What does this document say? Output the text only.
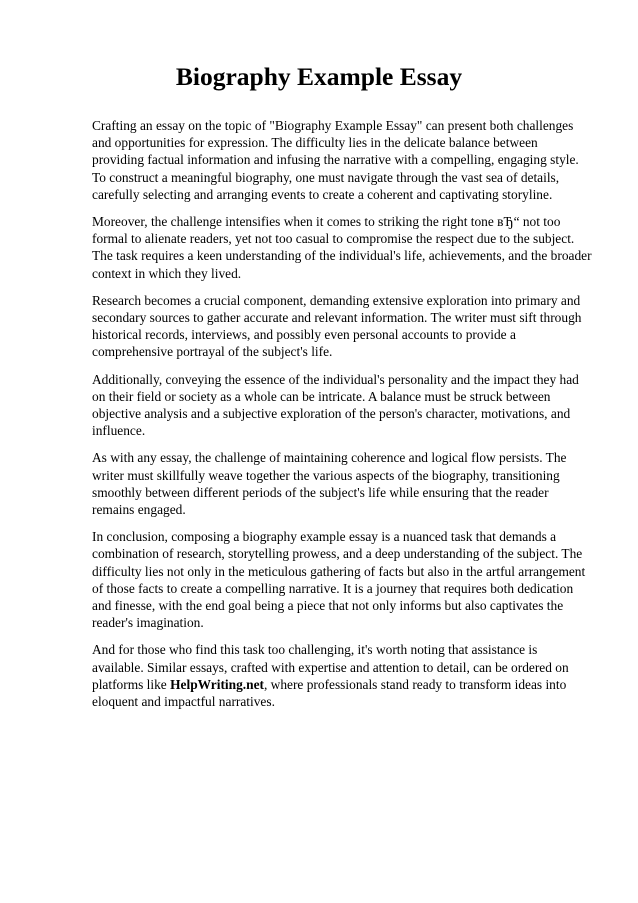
Biography Example Essay

Crafting an essay on the topic of "Biography Example Essay" can present both challenges and opportunities for expression. The difficulty lies in the delicate balance between providing factual information and infusing the narrative with a compelling, engaging style. To construct a meaningful biography, one must navigate through the vast sea of details, carefully selecting and arranging events to create a coherent and captivating storyline.

Moreover, the challenge intensifies when it comes to striking the right tone вЂ“ not too formal to alienate readers, yet not too casual to compromise the respect due to the subject. The task requires a keen understanding of the individual's life, achievements, and the broader context in which they lived.

Research becomes a crucial component, demanding extensive exploration into primary and secondary sources to gather accurate and relevant information. The writer must sift through historical records, interviews, and possibly even personal accounts to provide a comprehensive portrayal of the subject's life.

Additionally, conveying the essence of the individual's personality and the impact they had on their field or society as a whole can be intricate. A balance must be struck between objective analysis and a subjective exploration of the person's character, motivations, and influence.

As with any essay, the challenge of maintaining coherence and logical flow persists. The writer must skillfully weave together the various aspects of the biography, transitioning smoothly between different periods of the subject's life while ensuring that the reader remains engaged.

In conclusion, composing a biography example essay is a nuanced task that demands a combination of research, storytelling prowess, and a deep understanding of the subject. The difficulty lies not only in the meticulous gathering of facts but also in the artful arrangement of those facts to create a compelling narrative. It is a journey that requires both dedication and finesse, with the end goal being a piece that not only informs but also captivates the reader's imagination.

And for those who find this task too challenging, it's worth noting that assistance is available. Similar essays, crafted with expertise and attention to detail, can be ordered on platforms like HelpWriting.net, where professionals stand ready to transform ideas into eloquent and impactful narratives.
